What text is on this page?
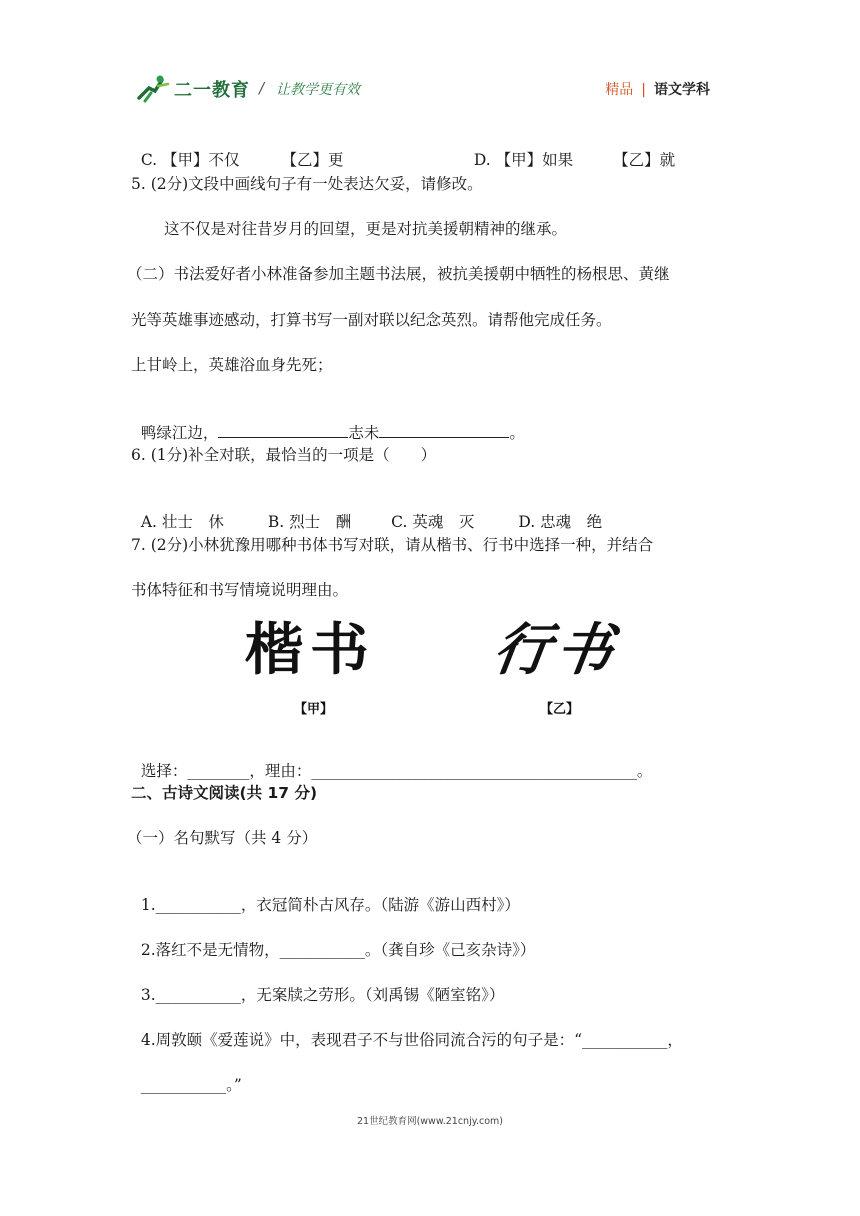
二一教育 / 让教学更有效	精品 | 语文学科

C. 【甲】不仅	【乙】更	D. 【甲】如果	【乙】就

5. (2分)文段中画线句子有一处表达欠妥，请修改。
这不仅是对往昔岁月的回望，更是对抗美援朝精神的继承。
（二）书法爱好者小林准备参加主题书法展，被抗美援朝中牺牲的杨根思、黄继
光等英雄事迹感动，打算书写一副对联以纪念英烈。请帮他完成任务。
上甘岭上，英雄浴血身先死；

鸭绿江边，	志未	。

6. (1分)补全对联，最恰当的一项是（　　）

A. 壮士　休	B. 烈士　酬	C. 英魂　灭	D. 忠魂　绝

7. (2分)小林犹豫用哪种书体书写对联，请从楷书、行书中选择一种，并结合
书体特征和书写情境说明理由。
楷书 行书
【甲】	【乙】

选择：________，理由：__________________________________________。

二、古诗文阅读(共 17 分)
（一）名句默写（共 4 分）

1.___________，衣冠简朴古风存。（陆游《游山西村》）

2.落红不是无情物，___________。（龚自珍《己亥杂诗》）

3.___________，无案牍之劳形。（刘禹锡《陋室铭》）

4.周敦颐《爱莲说》中，表现君子不与世俗同流合污的句子是：“___________，

___________。”

21世纪教育网(www.21cnjy.com)
